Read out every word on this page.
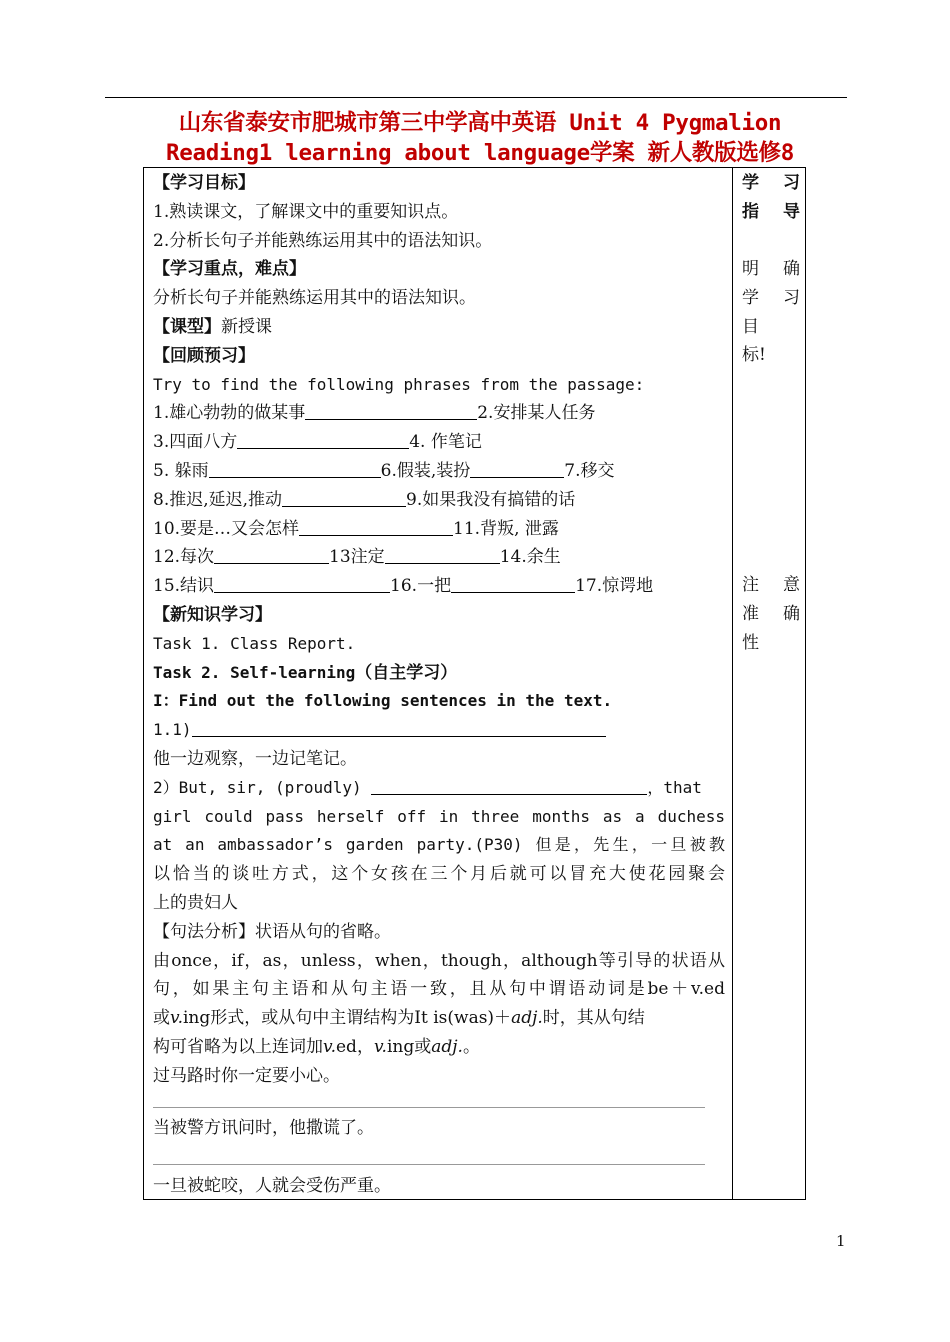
山东省泰安市肥城市第三中学高中英语 Unit 4 Pygmalion
Reading1 learning about language学案 新人教版选修8
【学习目标】
1.熟读课文，了解课文中的重要知识点。
2.分析长句子并能熟练运用其中的语法知识。
【学习重点，难点】
分析长句子并能熟练运用其中的语法知识。
【课型】新授课
【回顾预习】
Try to find the following phrases from the passage:
1.雄心勃勃的做某事	2.安排某人任务
3.四面八方	4. 作笔记
5. 躲雨	6.假装,装扮	7.移交
8.推迟,延迟,推动	9.如果我没有搞错的话
10.要是…又会怎样	11.背叛, 泄露
12.每次	13注定	14.余生
15.结识	16.一把	17.惊谔地
【新知识学习】
Task 1. Class Report.
Task 2. Self-learning（自主学习）
I：Find out the following sentences in the text.
1.1)
他一边观察，一边记笔记。
2）But, sir, (proudly)	，that
girl could pass herself off in three months as a duchess
at an ambassador’s garden party.(P30) 但是，先生，一旦被教
以恰当的谈吐方式，这个女孩在三个月后就可以冒充大使花园聚会
上的贵妇人
【句法分析】状语从句的省略。
由once，if，as，unless，when，though，although等引导的状语从
句，如果主句主语和从句主语一致，且从句中谓语动词是be＋v.ed
或v.ing形式，或从句中主谓结构为It is(was)＋adj.时，其从句结
构可省略为以上连词加v.ed，v.ing或adj.。
过马路时你一定要小心。
当被警方讯问时，他撒谎了。
一旦被蛇咬，人就会受伤严重。
学 习
指 导
明 确
学 习
目
标!
注 意
准 确
性
1
